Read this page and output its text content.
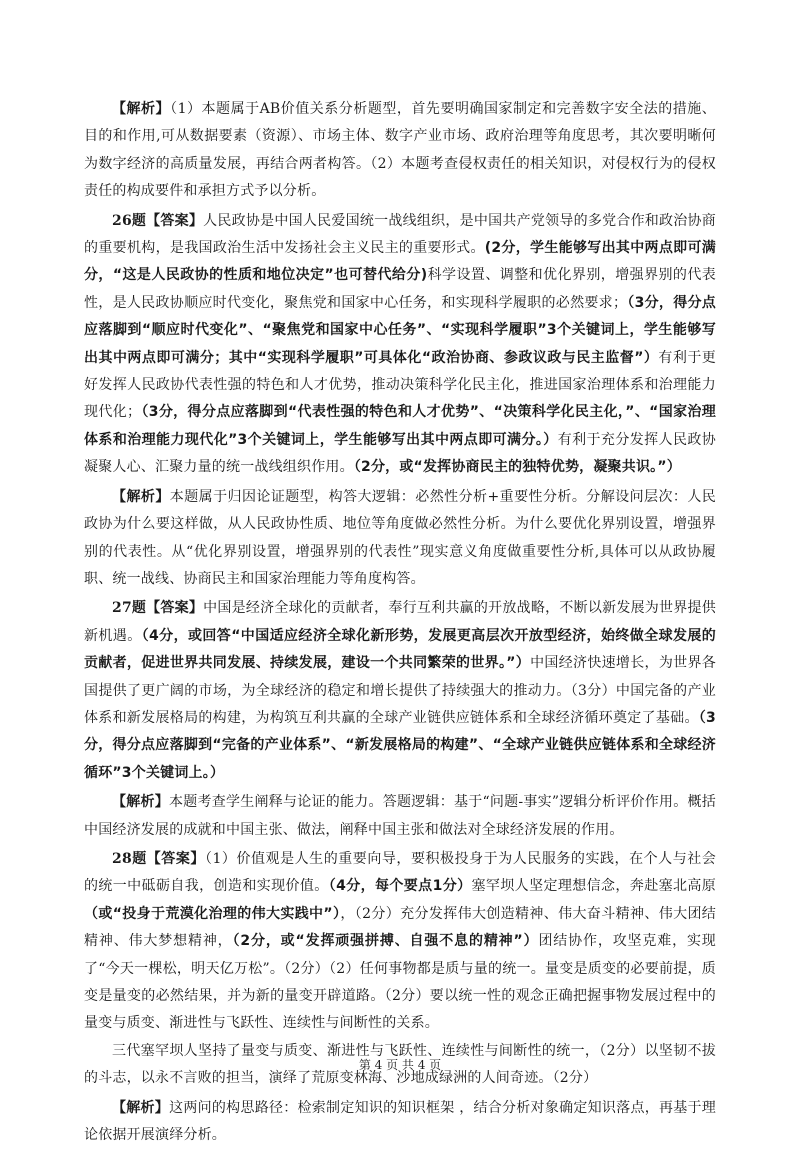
【解析】（1）本题属于AB价值关系分析题型，首先要明确国家制定和完善数字安全法的措施、目的和作用,可从数据要素（资源）、市场主体、数字产业市场、政府治理等角度思考，其次要明晰何为数字经济的高质量发展，再结合两者构答。（2）本题考查侵权责任的相关知识，对侵权行为的侵权责任的构成要件和承担方式予以分析。

26题【答案】人民政协是中国人民爱国统一战线组织，是中国共产党领导的多党合作和政治协商的重要机构，是我国政治生活中发扬社会主义民主的重要形式。(2分，学生能够写出其中两点即可满分，“这是人民政协的性质和地位决定”也可替代给分)科学设置、调整和优化界别，增强界别的代表性，是人民政协顺应时代变化，聚焦党和国家中心任务，和实现科学履职的必然要求；（3分，得分点应落脚到“顺应时代变化”、“聚焦党和国家中心任务”、“实现科学履职”3个关键词上，学生能够写出其中两点即可满分；其中“实现科学履职”可具体化“政治协商、参政议政与民主监督”）有利于更好发挥人民政协代表性强的特色和人才优势，推动决策科学化民主化，推进国家治理体系和治理能力现代化；（3分，得分点应落脚到“代表性强的特色和人才优势”、“决策科学化民主化，”、“国家治理体系和治理能力现代化”3个关键词上，学生能够写出其中两点即可满分。）有利于充分发挥人民政协凝聚人心、汇聚力量的统一战线组织作用。（2分，或“发挥协商民主的独特优势，凝聚共识。”）

【解析】本题属于归因论证题型，构答大逻辑：必然性分析+重要性分析。分解设问层次：人民政协为什么要这样做，从人民政协性质、地位等角度做必然性分析。为什么要优化界别设置，增强界别的代表性。从“优化界别设置，增强界别的代表性”现实意义角度做重要性分析,具体可以从政协履职、统一战线、协商民主和国家治理能力等角度构答。

27题【答案】中国是经济全球化的贡献者，奉行互利共赢的开放战略，不断以新发展为世界提供新机遇。（4分，或回答“中国适应经济全球化新形势，发展更高层次开放型经济，始终做全球发展的贡献者，促进世界共同发展、持续发展，建设一个共同繁荣的世界。”）中国经济快速增长，为世界各国提供了更广阔的市场，为全球经济的稳定和增长提供了持续强大的推动力。（3分）中国完备的产业体系和新发展格局的构建，为构筑互利共赢的全球产业链供应链体系和全球经济循环奠定了基础。（3分，得分点应落脚到“完备的产业体系”、“新发展格局的构建”、“全球产业链供应链体系和全球经济循环”3个关键词上。）

【解析】本题考查学生阐释与论证的能力。答题逻辑：基于“问题-事实”逻辑分析评价作用。概括中国经济发展的成就和中国主张、做法，阐释中国主张和做法对全球经济发展的作用。

28题【答案】（1）价值观是人生的重要向导，要积极投身于为人民服务的实践，在个人与社会的统一中砥砺自我，创造和实现价值。（4分，每个要点1分）塞罕坝人坚定理想信念，奔赴塞北高原（或“投身于荒漠化治理的伟大实践中”），（2分）充分发挥伟大创造精神、伟大奋斗精神、伟大团结精神、伟大梦想精神，（2分，或“发挥顽强拼搏、自强不息的精神”）团结协作，攻坚克难，实现了“今天一棵松，明天亿万松”。（2分）（2）任何事物都是质与量的统一。量变是质变的必要前提，质变是量变的必然结果，并为新的量变开辟道路。（2分）要以统一性的观念正确把握事物发展过程中的量变与质变、渐进性与飞跃性、连续性与间断性的关系。

三代塞罕坝人坚持了量变与质变、渐进性与飞跃性、连续性与间断性的统一，（2分）以坚韧不拔的斗志，以永不言败的担当，演绎了荒原变林海、沙地成绿洲的人间奇迹。（2分）

【解析】这两问的构思路径：检索制定知识的知识框架 ，结合分析对象确定知识落点，再基于理论依据开展演绎分析。

第 4 页 共 4 页
